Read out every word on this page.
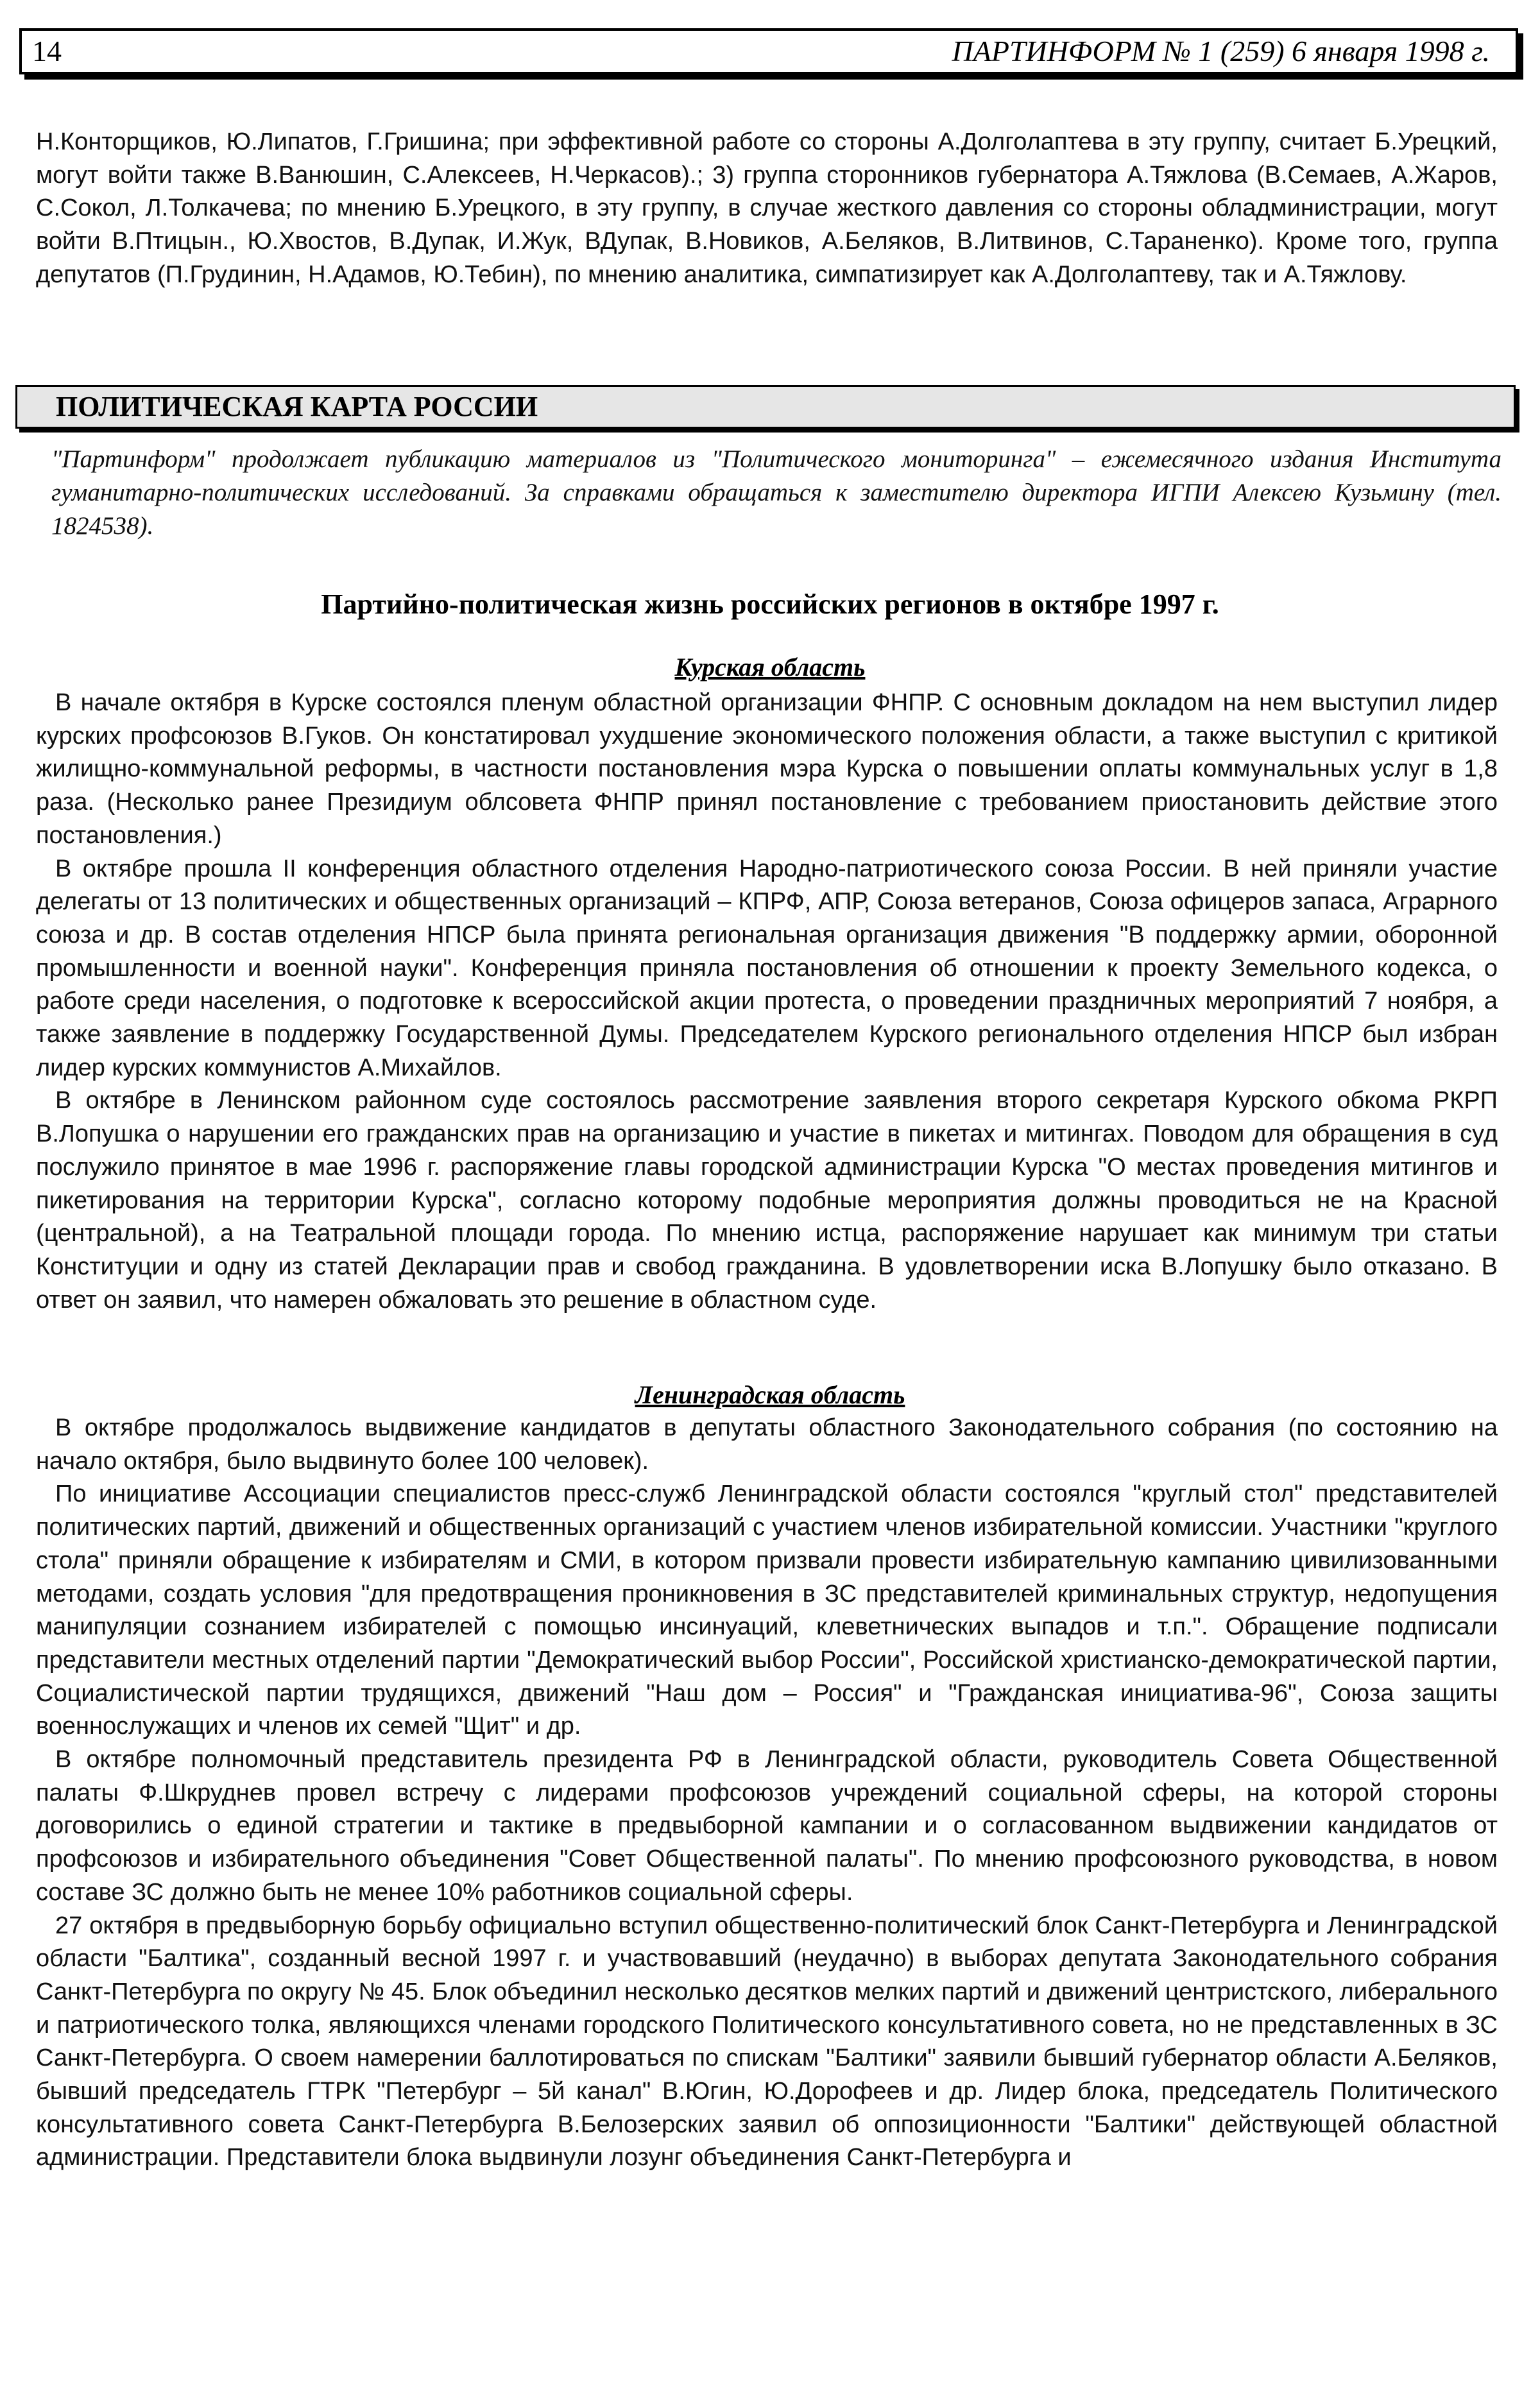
14	ПАРТИНФОРМ № 1 (259) 6 января 1998 г.

Н.Конторщиков, Ю.Липатов, Г.Гришина; при эффективной работе со стороны А.Долголаптева в эту группу, считает Б.Урецкий, могут войти также В.Ванюшин, С.Алексеев, Н.Черкасов).; 3) группа сторонников губернатора А.Тяжлова (В.Семаев, А.Жаров, С.Сокол, Л.Толкачева; по мнению Б.Урецкого, в эту группу, в случае жесткого давления со стороны обладминистрации, могут войти В.Птицын., Ю.Хвостов, В.Дупак, И.Жук, ВДупак, В.Новиков, А.Беляков, В.Литвинов, С.Тараненко). Кроме того, группа депутатов (П.Грудинин, Н.Адамов, Ю.Тебин), по мнению аналитика, симпатизирует как А.Долголаптеву, так и А.Тяжлову.

ПОЛИТИЧЕСКАЯ КАРТА РОССИИ
"Партинформ" продолжает публикацию материалов из "Политического мониторинга" – ежемесячного издания Института гуманитарно-политических исследований. За справками обращаться к заместителю директора ИГПИ Алексею Кузьмину (тел. 1824538).
Партийно-политическая жизнь российских регионов в октябре 1997 г.
Курская область

В начале октября в Курске состоялся пленум областной организации ФНПР. С основным докладом на нем выступил лидер курских профсоюзов В.Гуков. Он констатировал ухудшение экономического положения области, а также выступил с критикой жилищно-коммунальной реформы, в частности постановления мэра Курска о повышении оплаты коммунальных услуг в 1,8 раза. (Несколько ранее Президиум облсовета ФНПР принял постановление с требованием приостановить действие этого постановления.)

В октябре прошла II конференция областного отделения Народно-патриотического союза России. В ней приняли участие делегаты от 13 политических и общественных организаций – КПРФ, АПР, Союза ветеранов, Союза офицеров запаса, Аграрного союза и др. В состав отделения НПСР была принята региональная организация движения "В поддержку армии, оборонной промышленности и военной науки". Конференция приняла постановления об отношении к проекту Земельного кодекса, о работе среди населения, о подготовке к всероссийской акции протеста, о проведении праздничных мероприятий 7 ноября, а также заявление в поддержку Государственной Думы. Председателем Курского регионального отделения НПСР был избран лидер курских коммунистов А.Михайлов.

В октябре в Ленинском районном суде состоялось рассмотрение заявления второго секретаря Курского обкома РКРП В.Лопушка о нарушении его гражданских прав на организацию и участие в пикетах и митингах. Поводом для обращения в суд послужило принятое в мае 1996 г. распоряжение главы городской администрации Курска "О местах проведения митингов и пикетирования на территории Курска", согласно которому подобные мероприятия должны проводиться не на Красной (центральной), а на Театральной площади города. По мнению истца, распоряжение нарушает как минимум три статьи Конституции и одну из статей Декларации прав и свобод гражданина. В удовлетворении иска В.Лопушку было отказано. В ответ он заявил, что намерен обжаловать это решение в областном суде.

Ленинградская область

В октябре продолжалось выдвижение кандидатов в депутаты областного Законодательного собрания (по состоянию на начало октября, было выдвинуто более 100 человек).

По инициативе Ассоциации специалистов пресс-служб Ленинградской области состоялся "круглый стол" представителей политических партий, движений и общественных организаций с участием членов избирательной комиссии. Участники "круглого стола" приняли обращение к избирателям и СМИ, в котором призвали провести избирательную кампанию цивилизованными методами, создать условия "для предотвращения проникновения в ЗС представителей криминальных структур, недопущения манипуляции сознанием избирателей с помощью инсинуаций, клеветнических выпадов и т.п.". Обращение подписали представители местных отделений партии "Демократический выбор России", Российской христианско-демократической партии, Социалистической партии трудящихся, движений "Наш дом – Россия" и "Гражданская инициатива-96", Союза защиты военнослужащих и членов их семей "Щит" и др.

В октябре полномочный представитель президента РФ в Ленинградской области, руководитель Совета Общественной палаты Ф.Шкруднев провел встречу с лидерами профсоюзов учреждений социальной сферы, на которой стороны договорились о единой стратегии и тактике в предвыборной кампании и о согласованном выдвижении кандидатов от профсоюзов и избирательного объединения "Совет Общественной палаты". По мнению профсоюзного руководства, в новом составе ЗС должно быть не менее 10% работников социальной сферы.

27 октября в предвыборную борьбу официально вступил общественно-политический блок Санкт-Петербурга и Ленинградской области "Балтика", созданный весной 1997 г. и участвовавший (неудачно) в выборах депутата Законодательного собрания Санкт-Петербурга по округу № 45. Блок объединил несколько десятков мелких партий и движений центристского, либерального и патриотического толка, являющихся членами городского Политического консультативного совета, но не представленных в ЗС Санкт-Петербурга. О своем намерении баллотироваться по спискам "Балтики" заявили бывший губернатор области А.Беляков, бывший председатель ГТРК "Петербург – 5й канал" В.Югин, Ю.Дорофеев и др. Лидер блока, председатель Политического консультативного совета Санкт-Петербурга В.Белозерских заявил об оппозиционности "Балтики" действующей областной администрации. Представители блока выдвинули лозунг объединения Санкт-Петербурга и
